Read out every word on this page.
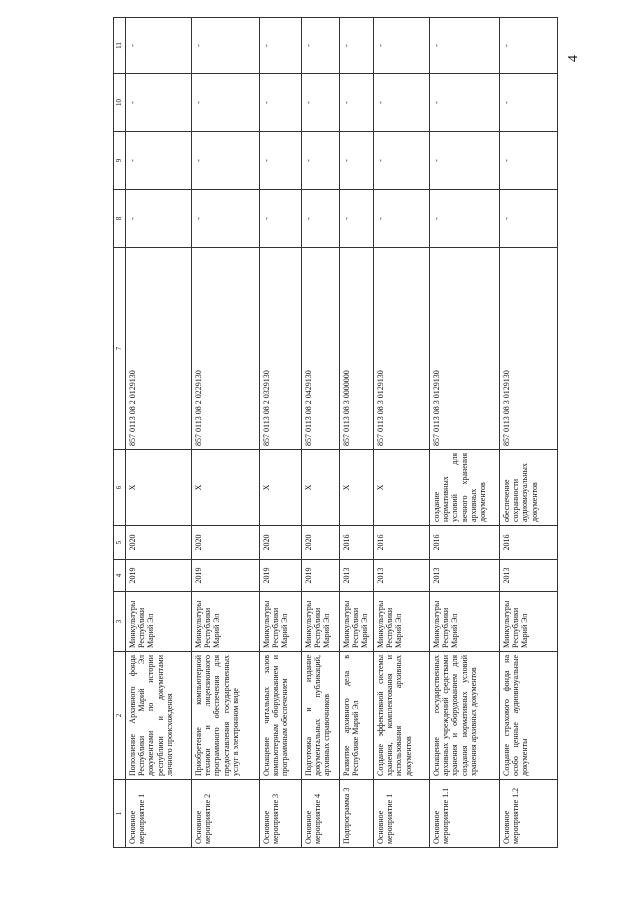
4
1	2	3	4	5	6	7	8	9	10	11
Основное мероприятие 1	Пополнение Архивного фонда Республики Марий Эл документами по истории республики и документами личного происхождения	Минкультуры Республики Марий Эл	2019	2020	X	857 0113 08 2 0129130	-	-	-	-
Основное мероприятие 2	Приобретение компьютерной техники и лицензионного программного обеспечения для предоставления государственных услуг в электронном виде	Минкультуры Республики Марий Эл	2019	2020	X	857 0113 08 2 0229130	-	-	-	-
Основное мероприятие 3	Оснащение читальных залов компьютерным оборудованием и программным обеспечением	Минкультуры Республики Марий Эл	2019	2020	X	857 0113 08 2 0329130	-	-	-	-
Основное мероприятие 4	Подготовка и издание документальных публикаций, архивных справочников	Минкультуры Республики Марий Эл	2019	2020	X	857 0113 08 2 0429130	-	-	-	-
Подпрограмма 3	Развитие архивного дела в Республике Марий Эл	Минкультуры Республики Марий Эл	2013	2016	X	857 0113 08 3 0000000	-	-	-	-
Основное мероприятие 1	Создание эффективной системы хранения, комплектования и использования архивных документов	Минкультуры Республики Марий Эл	2013	2016	X	857 0113 08 3 0129130	-	-	-	-
Основное мероприятие 1.1	Оснащение государственных архивных учреждений средствами хранения и оборудованием для создания нормативных условий хранения архивных документов	Минкультуры Республики Марий Эл	2013	2016	создание нормативных условий для вечного хранения архивных документов	857 0113 08 3 0129130	-	-	-	-
Основное мероприятие 1.2	Создание страхового фонда на особо ценные аудиовизуальные документы	Минкультуры Республики Марий Эл	2013	2016	обеспечение сохранности аудиовизуальных документов	857 0113 08 3 0129130	-	-	-	-
